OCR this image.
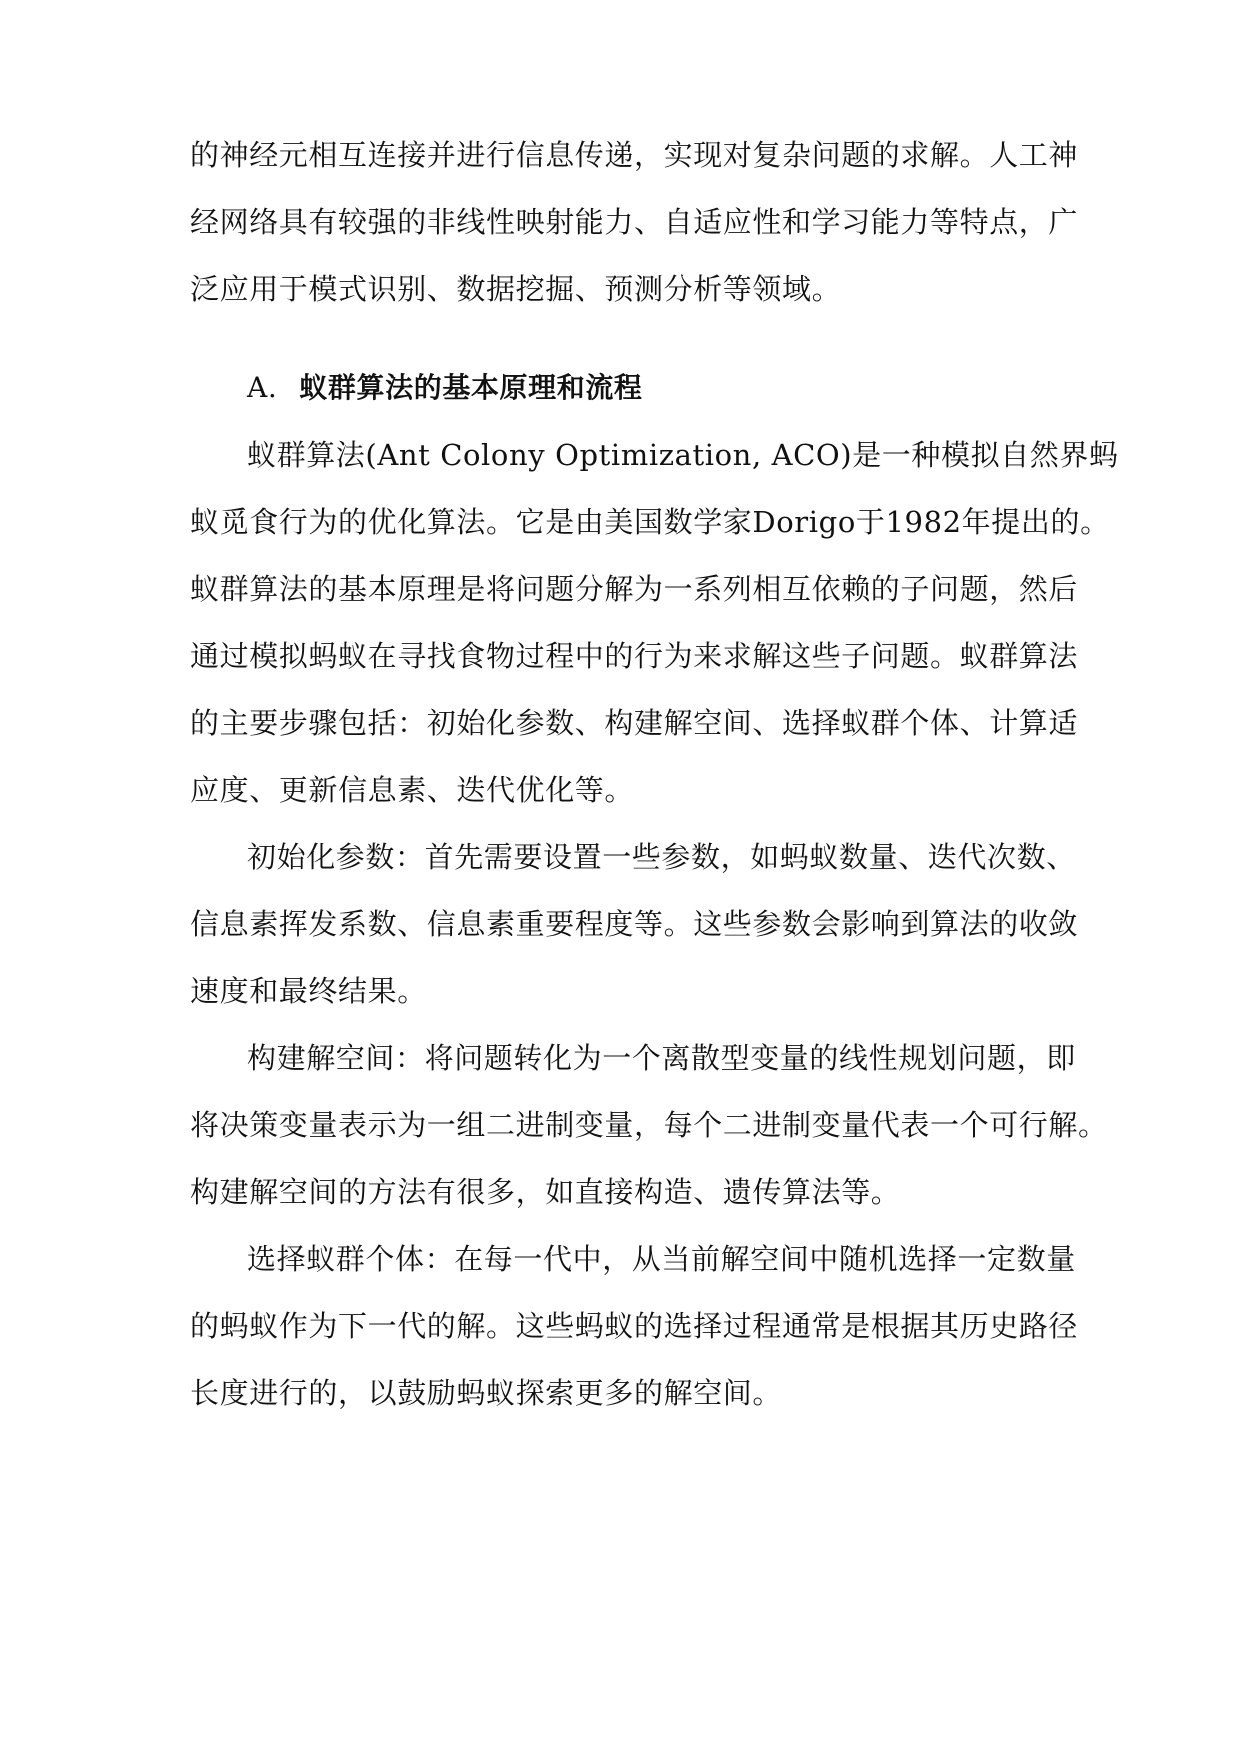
的神经元相互连接并进行信息传递，实现对复杂问题的求解。人工神
经网络具有较强的非线性映射能力、自适应性和学习能力等特点，广
泛应用于模式识别、数据挖掘、预测分析等领域。
A. 蚁群算法的基本原理和流程
蚁群算法(Ant Colony Optimization, ACO)是一种模拟自然界蚂
蚁觅食行为的优化算法。它是由美国数学家Dorigo于1982年提出的。
蚁群算法的基本原理是将问题分解为一系列相互依赖的子问题，然后
通过模拟蚂蚁在寻找食物过程中的行为来求解这些子问题。蚁群算法
的主要步骤包括：初始化参数、构建解空间、选择蚁群个体、计算适
应度、更新信息素、迭代优化等。
初始化参数：首先需要设置一些参数，如蚂蚁数量、迭代次数、
信息素挥发系数、信息素重要程度等。这些参数会影响到算法的收敛
速度和最终结果。
构建解空间：将问题转化为一个离散型变量的线性规划问题，即
将决策变量表示为一组二进制变量，每个二进制变量代表一个可行解。
构建解空间的方法有很多，如直接构造、遗传算法等。
选择蚁群个体：在每一代中，从当前解空间中随机选择一定数量
的蚂蚁作为下一代的解。这些蚂蚁的选择过程通常是根据其历史路径
长度进行的，以鼓励蚂蚁探索更多的解空间。
